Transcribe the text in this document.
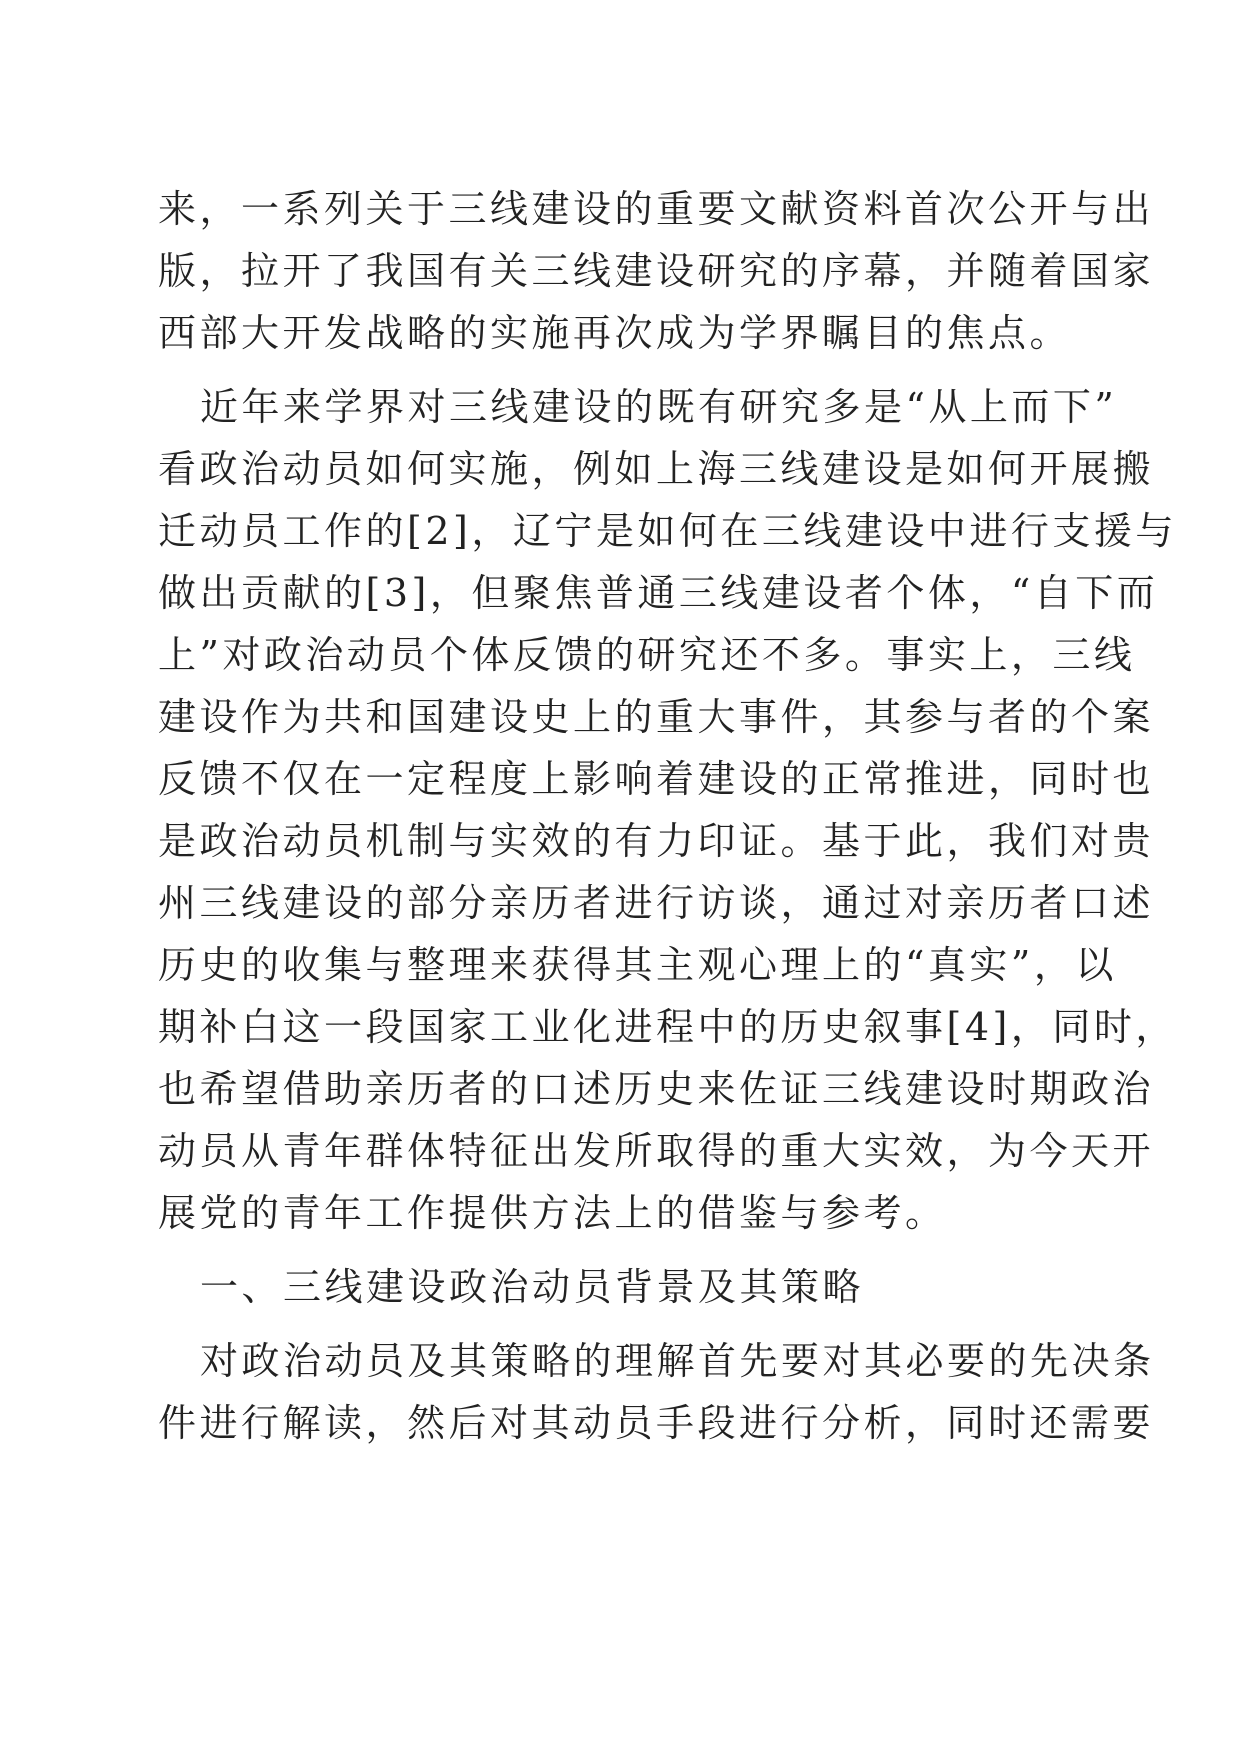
来，一系列关于三线建设的重要文献资料首次公开与出
版，拉开了我国有关三线建设研究的序幕，并随着国家
西部大开发战略的实施再次成为学界瞩目的焦点。
近年来学界对三线建设的既有研究多是“从上而下”
看政治动员如何实施，例如上海三线建设是如何开展搬
迁动员工作的[2]，辽宁是如何在三线建设中进行支援与
做出贡献的[3]，但聚焦普通三线建设者个体，“自下而
上”对政治动员个体反馈的研究还不多。事实上，三线
建设作为共和国建设史上的重大事件，其参与者的个案
反馈不仅在一定程度上影响着建设的正常推进，同时也
是政治动员机制与实效的有力印证。基于此，我们对贵
州三线建设的部分亲历者进行访谈，通过对亲历者口述
历史的收集与整理来获得其主观心理上的“真实”，以
期补白这一段国家工业化进程中的历史叙事[4]，同时，
也希望借助亲历者的口述历史来佐证三线建设时期政治
动员从青年群体特征出发所取得的重大实效，为今天开
展党的青年工作提供方法上的借鉴与参考。
一、三线建设政治动员背景及其策略
对政治动员及其策略的理解首先要对其必要的先决条
件进行解读，然后对其动员手段进行分析，同时还需要
